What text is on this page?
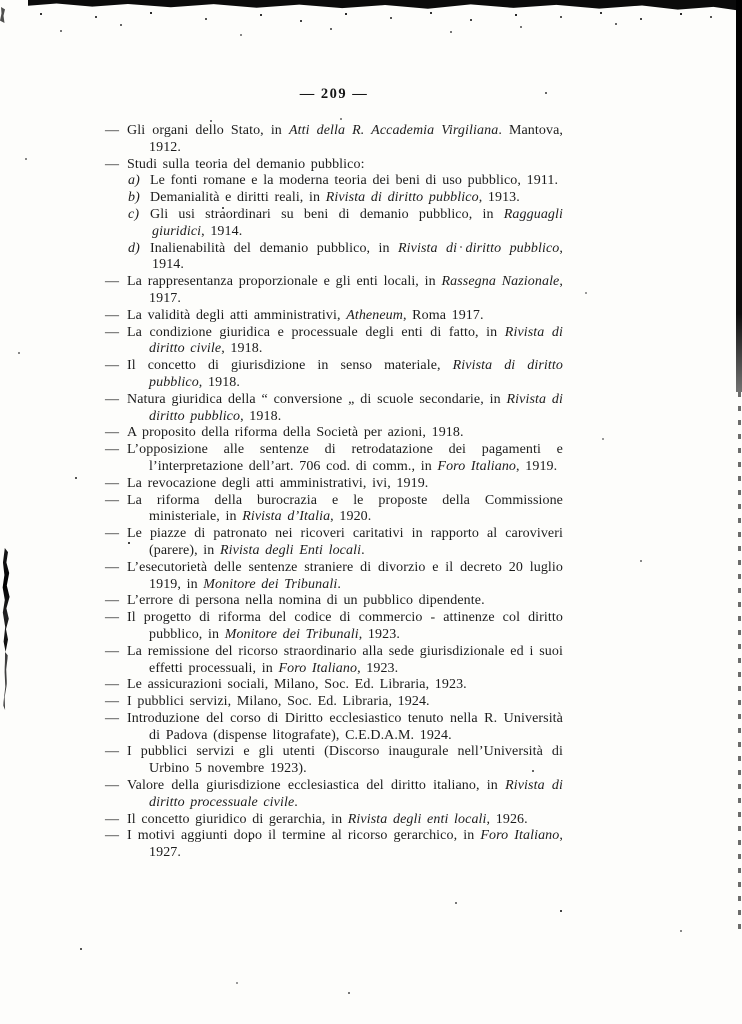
— 209 —
— Gli organi dello Stato, in Atti della R. Accademia Virgiliana. Mantova, 1912.
— Studi sulla teoria del demanio pubblico:
a) Le fonti romane e la moderna teoria dei beni di uso pubblico, 1911.
b) Demanialità e diritti reali, in Rivista di diritto pubblico, 1913.
c) Gli usi straordinari su beni di demanio pubblico, in Ragguagli giuridici, 1914.
d) Inalienabilità del demanio pubblico, in Rivista di diritto pubblico, 1914.
— La rappresentanza proporzionale e gli enti locali, in Rassegna Nazionale, 1917.
— La validità degli atti amministrativi, Atheneum, Roma 1917.
— La condizione giuridica e processuale degli enti di fatto, in Rivista di diritto civile, 1918.
— Il concetto di giurisdizione in senso materiale, Rivista di diritto pubblico, 1918.
— Natura giuridica della “ conversione „ di scuole secondarie, in Rivista di diritto pubblico, 1918.
— A proposito della riforma della Società per azioni, 1918.
— L’opposizione alle sentenze di retrodatazione dei pagamenti e l’interpretazione dell’art. 706 cod. di comm., in Foro Italiano, 1919.
— La revocazione degli atti amministrativi, ivi, 1919.
— La riforma della burocrazia e le proposte della Commissione ministeriale, in Rivista d’Italia, 1920.
— Le piazze di patronato nei ricoveri caritativi in rapporto al caroviveri (parere), in Rivista degli Enti locali.
— L’esecutorietà delle sentenze straniere di divorzio e il decreto 20 luglio 1919, in Monitore dei Tribunali.
— L’errore di persona nella nomina di un pubblico dipendente.
— Il progetto di riforma del codice di commercio - attinenze col diritto pubblico, in Monitore dei Tribunali, 1923.
— La remissione del ricorso straordinario alla sede giurisdizionale ed i suoi effetti processuali, in Foro Italiano, 1923.
— Le assicurazioni sociali, Milano, Soc. Ed. Libraria, 1923.
— I pubblici servizi, Milano, Soc. Ed. Libraria, 1924.
— Introduzione del corso di Diritto ecclesiastico tenuto nella R. Università di Padova (dispense litografate), C.E.D.A.M. 1924.
— I pubblici servizi e gli utenti (Discorso inaugurale nell’Università di Urbino 5 novembre 1923).
— Valore della giurisdizione ecclesiastica del diritto italiano, in Rivista di diritto processuale civile.
— Il concetto giuridico di gerarchia, in Rivista degli enti locali, 1926.
— I motivi aggiunti dopo il termine al ricorso gerarchico, in Foro Italiano, 1927.
